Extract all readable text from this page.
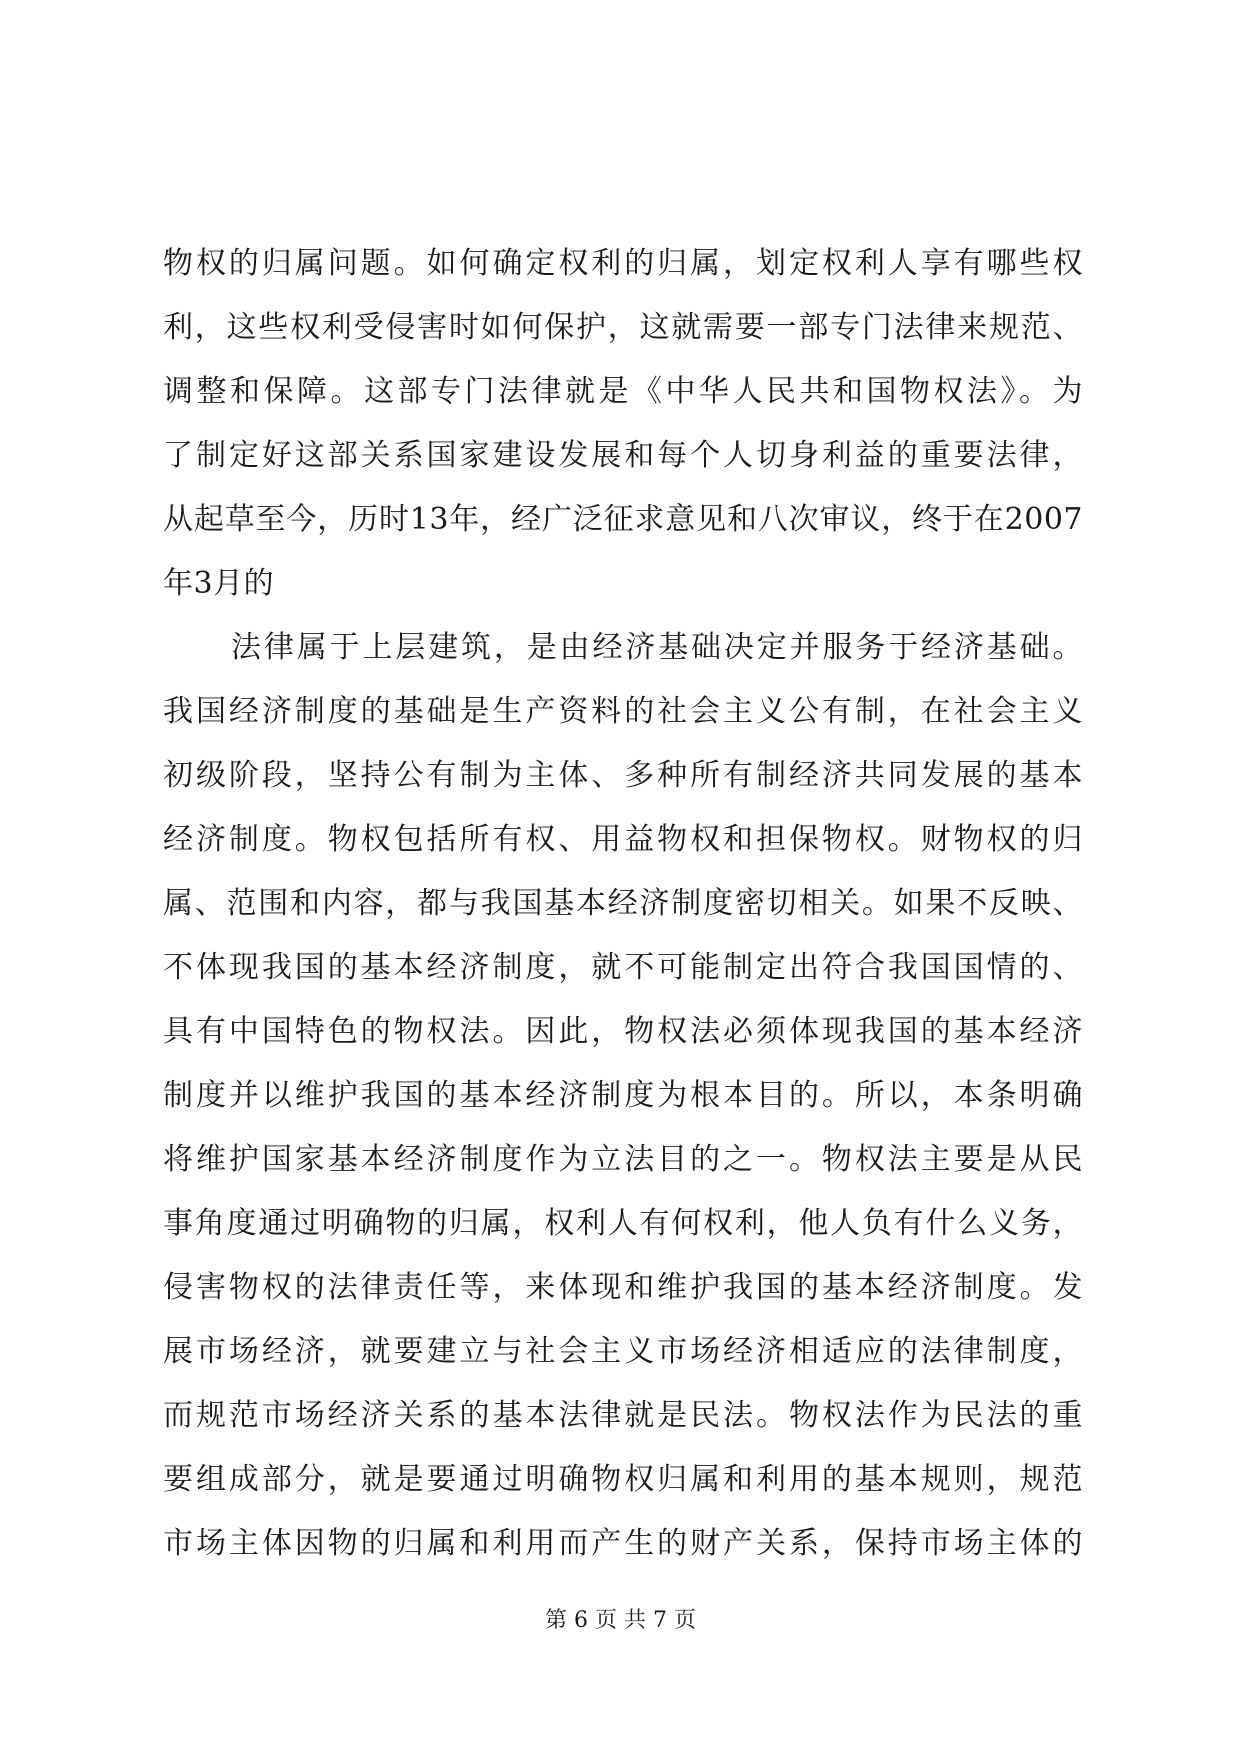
物权的归属问题。如何确定权利的归属，划定权利人享有哪些权
利，这些权利受侵害时如何保护，这就需要一部专门法律来规范、
调整和保障。这部专门法律就是《中华人民共和国物权法》。为
了制定好这部关系国家建设发展和每个人切身利益的重要法律，
从起草至今，历时13年，经广泛征求意见和八次审议，终于在2007
年3月的
法律属于上层建筑，是由经济基础决定并服务于经济基础。
我国经济制度的基础是生产资料的社会主义公有制，在社会主义
初级阶段，坚持公有制为主体、多种所有制经济共同发展的基本
经济制度。物权包括所有权、用益物权和担保物权。财物权的归
属、范围和内容，都与我国基本经济制度密切相关。如果不反映、
不体现我国的基本经济制度，就不可能制定出符合我国国情的、
具有中国特色的物权法。因此，物权法必须体现我国的基本经济
制度并以维护我国的基本经济制度为根本目的。所以，本条明确
将维护国家基本经济制度作为立法目的之一。物权法主要是从民
事角度通过明确物的归属，权利人有何权利，他人负有什么义务，
侵害物权的法律责任等，来体现和维护我国的基本经济制度。发
展市场经济，就要建立与社会主义市场经济相适应的法律制度，
而规范市场经济关系的基本法律就是民法。物权法作为民法的重
要组成部分，就是要通过明确物权归属和利用的基本规则，规范
市场主体因物的归属和利用而产生的财产关系，保持市场主体的
第 6 页 共 7 页
